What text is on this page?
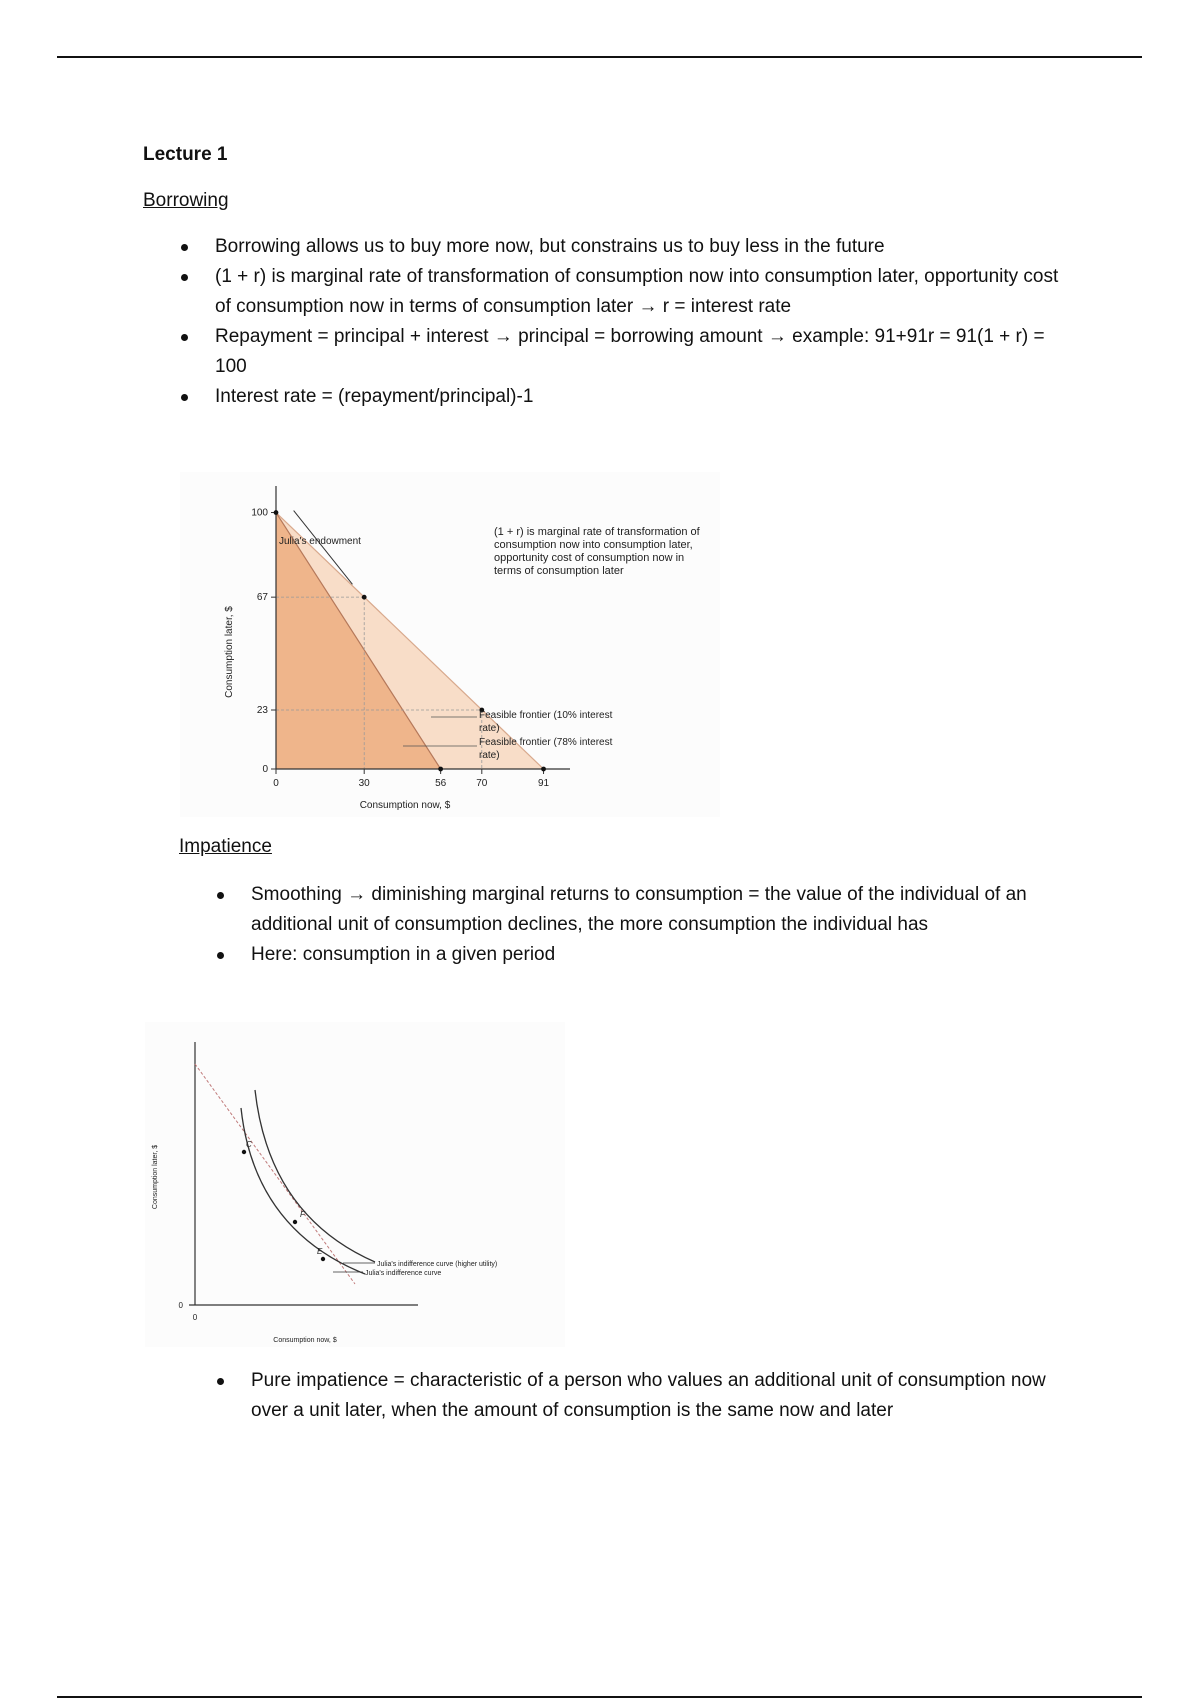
Lecture 1
Borrowing
Borrowing allows us to buy more now, but constrains us to buy less in the future
(1 + r) is marginal rate of transformation of consumption now into consumption later, opportunity cost of consumption now in terms of consumption later → r = interest rate
Repayment = principal + interest → principal = borrowing amount → example: 91+91r = 91(1 + r) = 100
Interest rate = (repayment/principal)-1
0
23
67
100
0	30	56	70	91
Julia's endowment
Consumption later, $
Consumption now, $
(1 + r) is marginal rate of transformation of consumption now into consumption later, opportunity cost of consumption now in terms of consumption later
Feasible frontier (10% interest rate)
Feasible frontier (78% interest rate)
Impatience
Smoothing → diminishing marginal returns to consumption = the value of the individual of an additional unit of consumption declines, the more consumption the individual has
Here: consumption in a given period
0
0
Consumption later, $
Consumption now, $
C
F
E
Julia's indifference curve (higher utility)
Julia's indifference curve
Pure impatience = characteristic of a person who values an additional unit of consumption now over a unit later, when the amount of consumption is the same now and later
